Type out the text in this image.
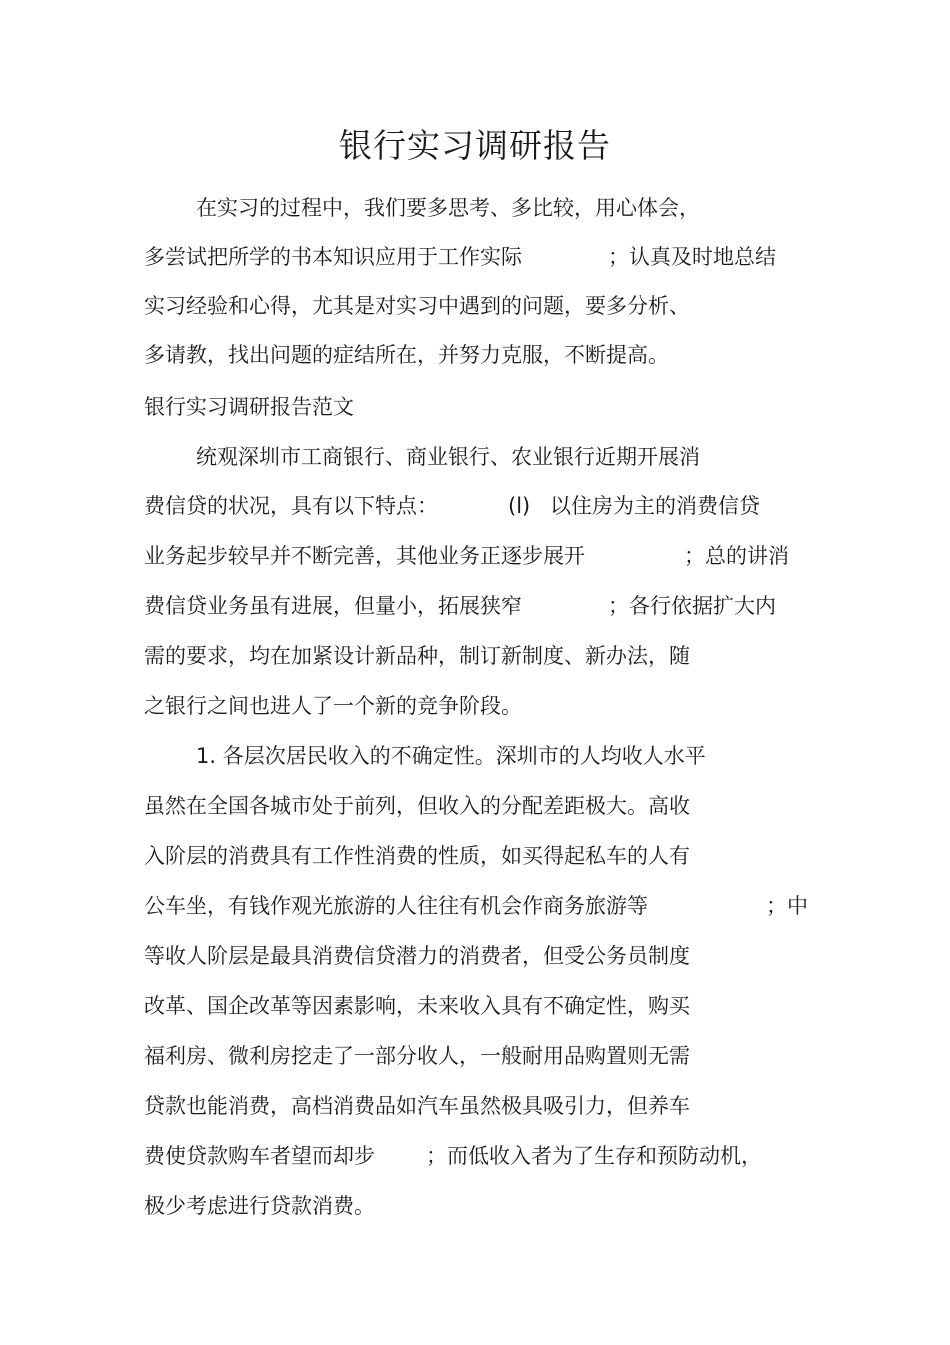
银行实习调研报告
在实习的过程中，我们要多思考、多比较，用心体会，
多尝试把所学的书本知识应用于工作实际	；认真及时地总结
实习经验和心得，尤其是对实习中遇到的问题，要多分析、
多请教，找出问题的症结所在，并努力克服，不断提高。
银行实习调研报告范文
统观深圳市工商银行、商业银行、农业银行近期开展消
费信贷的状况，具有以下特点：	(l) 以住房为主的消费信贷
业务起步较早并不断完善，其他业务正逐步展开	；总的讲消
费信贷业务虽有进展，但量小，拓展狭窄	；各行依据扩大内
需的要求，均在加紧设计新品种，制订新制度、新办法，随
之银行之间也进人了一个新的竞争阶段。
1. 各层次居民收入的不确定性。深圳市的人均收人水平
虽然在全国各城市处于前列，但收入的分配差距极大。高收
入阶层的消费具有工作性消费的性质，如买得起私车的人有
公车坐，有钱作观光旅游的人往往有机会作商务旅游等	；中
等收人阶层是最具消费信贷潜力的消费者，但受公务员制度
改革、国企改革等因素影响，未来收入具有不确定性，购买
福利房、微利房挖走了一部分收人，一般耐用品购置则无需
贷款也能消费，高档消费品如汽车虽然极具吸引力，但养车
费使贷款购车者望而却步 ；而低收入者为了生存和预防动机，
极少考虑进行贷款消费。
